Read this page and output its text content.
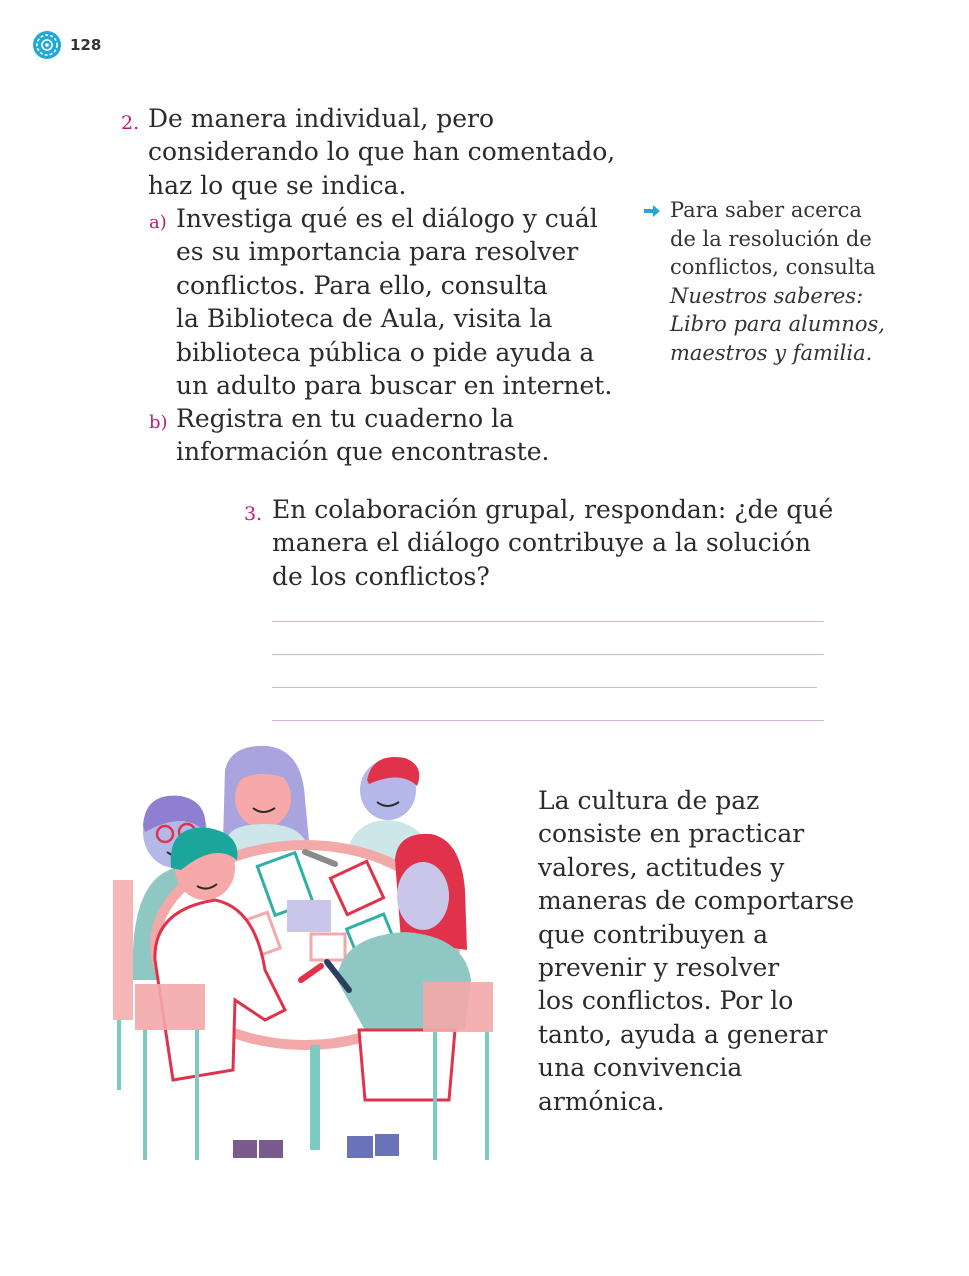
128
2. De manera individual, pero
considerando lo que han comentado,
haz lo que se indica.
a) Investiga qué es el diálogo y cuál
es su importancia para resolver
conflictos. Para ello, consulta
la Biblioteca de Aula, visita la
biblioteca pública o pide ayuda a
un adulto para buscar en internet.
b) Registra en tu cuaderno la
información que encontraste.
Para saber acerca
de la resolución de
conflictos, consulta
Nuestros saberes:
Libro para alumnos,
maestros y familia.
3. En colaboración grupal, respondan: ¿de qué
manera el diálogo contribuye a la solución
de los conflictos?
La cultura de paz
consiste en practicar
valores, actitudes y
maneras de comportarse
que contribuyen a
prevenir y resolver
los conflictos. Por lo
tanto, ayuda a generar
una convivencia
armónica.
